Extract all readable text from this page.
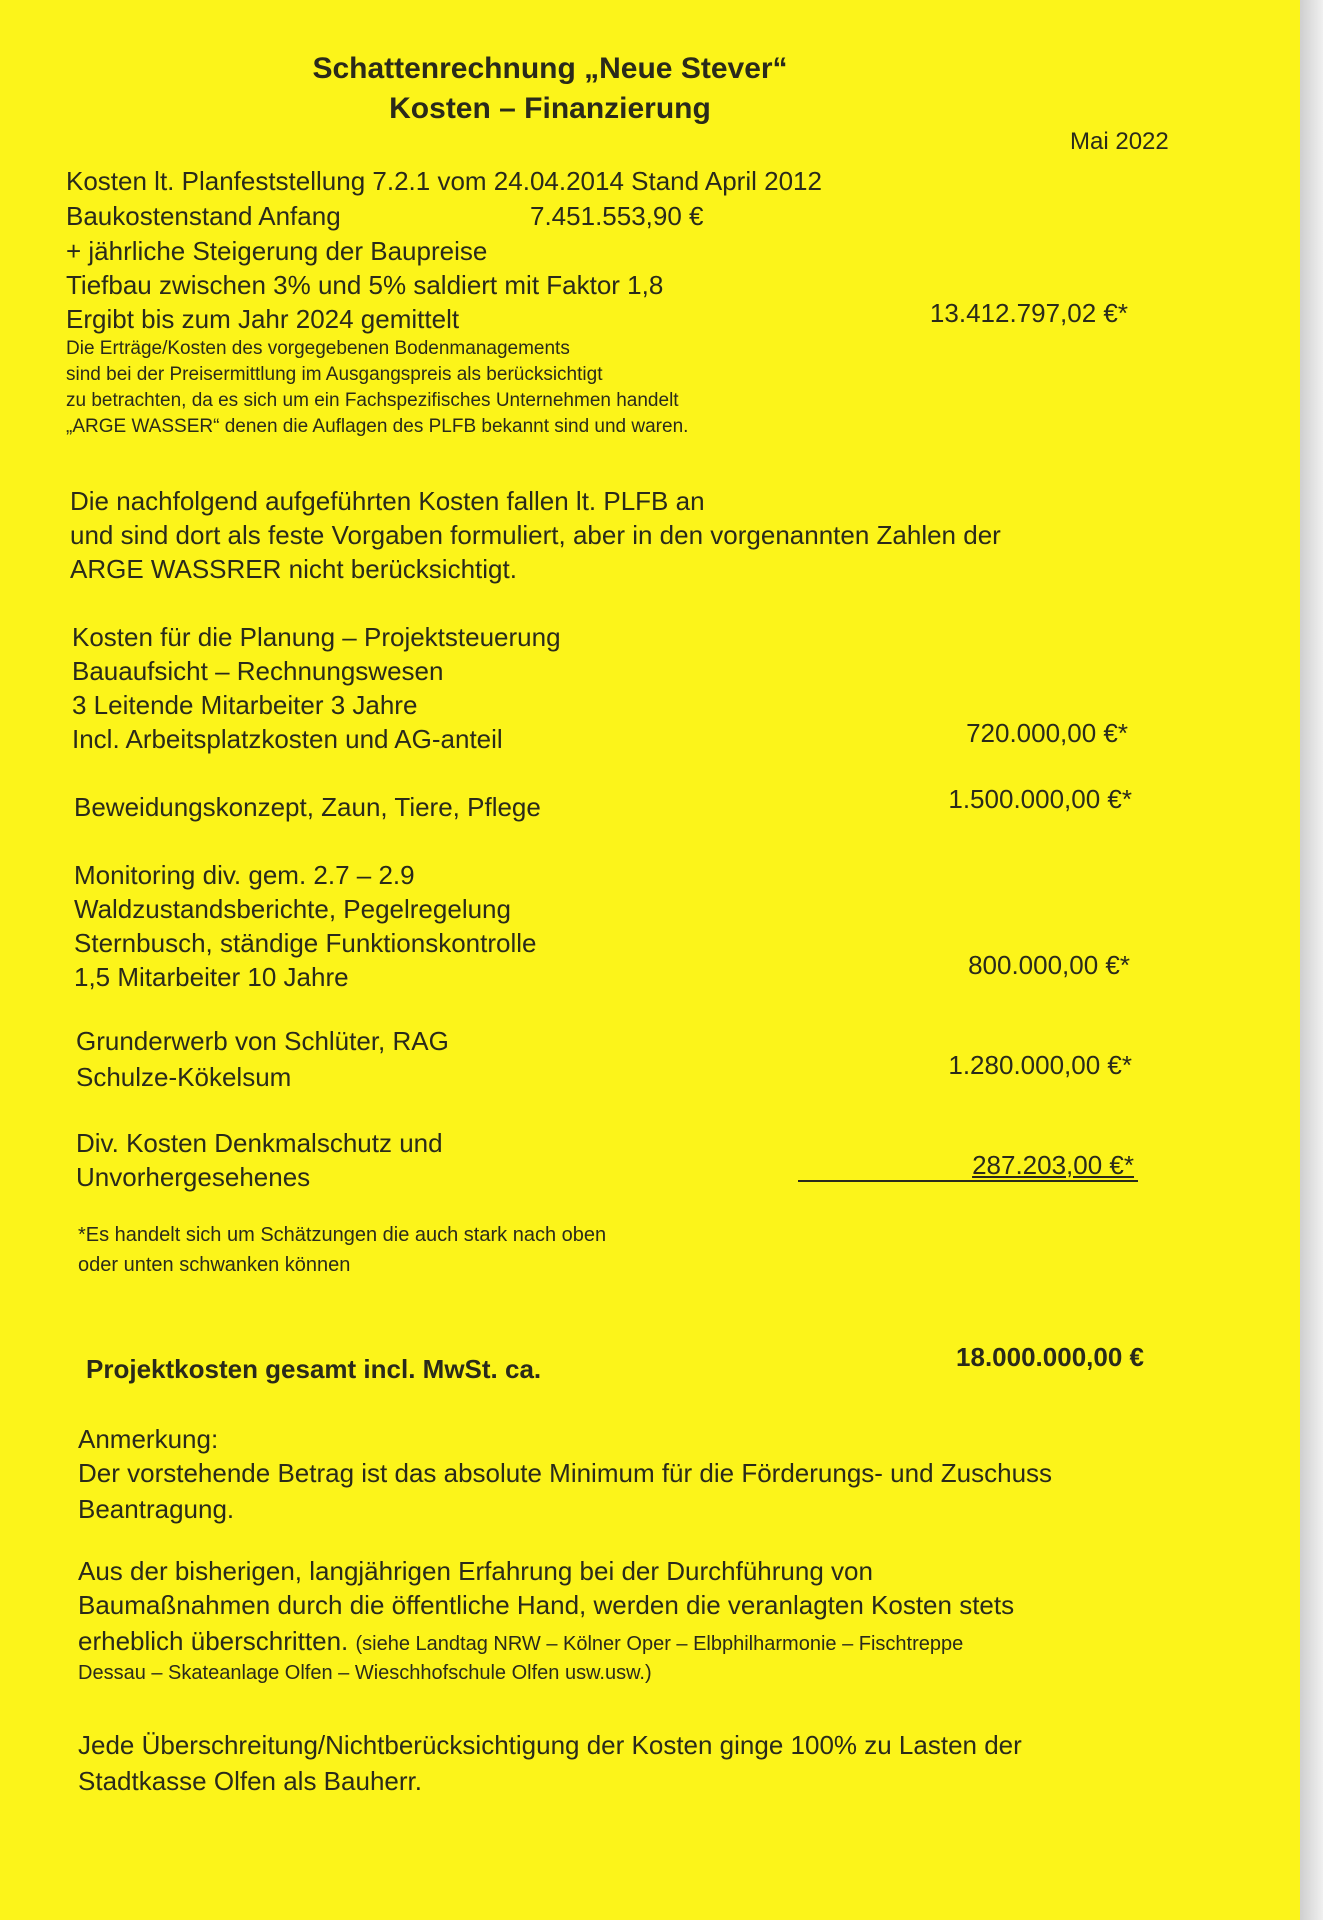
Schattenrechnung „Neue Stever“
Kosten – Finanzierung
Mai 2022
Kosten lt. Planfeststellung 7.2.1 vom 24.04.2014 Stand April 2012
Baukostenstand Anfang	7.451.553,90 €
+ jährliche Steigerung der Baupreise
Tiefbau zwischen 3% und 5% saldiert mit Faktor 1,8
Ergibt bis zum Jahr 2024 gemittelt	13.412.797,02 €*
Die Erträge/Kosten des vorgegebenen Bodenmanagements
sind bei der Preisermittlung im Ausgangspreis als berücksichtigt
zu betrachten, da es sich um ein Fachspezifisches Unternehmen handelt
„ARGE WASSER“ denen die Auflagen des PLFB bekannt sind und waren.
Die nachfolgend aufgeführten Kosten fallen lt. PLFB an
und sind dort als feste Vorgaben formuliert, aber in den vorgenannten Zahlen der
ARGE WASSRER nicht berücksichtigt.
Kosten für die Planung – Projektsteuerung
Bauaufsicht – Rechnungswesen
3 Leitende Mitarbeiter 3 Jahre
Incl. Arbeitsplatzkosten und AG-anteil	720.000,00 €*
Beweidungskonzept, Zaun, Tiere, Pflege	1.500.000,00 €*
Monitoring div. gem. 2.7 – 2.9
Waldzustandsberichte, Pegelregelung
Sternbusch, ständige Funktionskontrolle
1,5 Mitarbeiter 10 Jahre	800.000,00 €*
Grunderwerb von Schlüter, RAG
Schulze-Kökelsum	1.280.000,00 €*
Div. Kosten Denkmalschutz und
Unvorhergesehenes	287.203,00 €*
*Es handelt sich um Schätzungen die auch stark nach oben
oder unten schwanken können
Projektkosten gesamt incl. MwSt. ca.	18.000.000,00 €
Anmerkung:
Der vorstehende Betrag ist das absolute Minimum für die Förderungs- und Zuschuss
Beantragung.
Aus der bisherigen, langjährigen Erfahrung bei der Durchführung von
Baumaßnahmen durch die öffentliche Hand, werden die veranlagten Kosten stets
erheblich überschritten. (siehe Landtag NRW – Kölner Oper – Elbphilharmonie – Fischtreppe
Dessau – Skateanlage Olfen – Wieschhofschule Olfen usw.usw.)
Jede Überschreitung/Nichtberücksichtigung der Kosten ginge 100% zu Lasten der
Stadtkasse Olfen als Bauherr.
